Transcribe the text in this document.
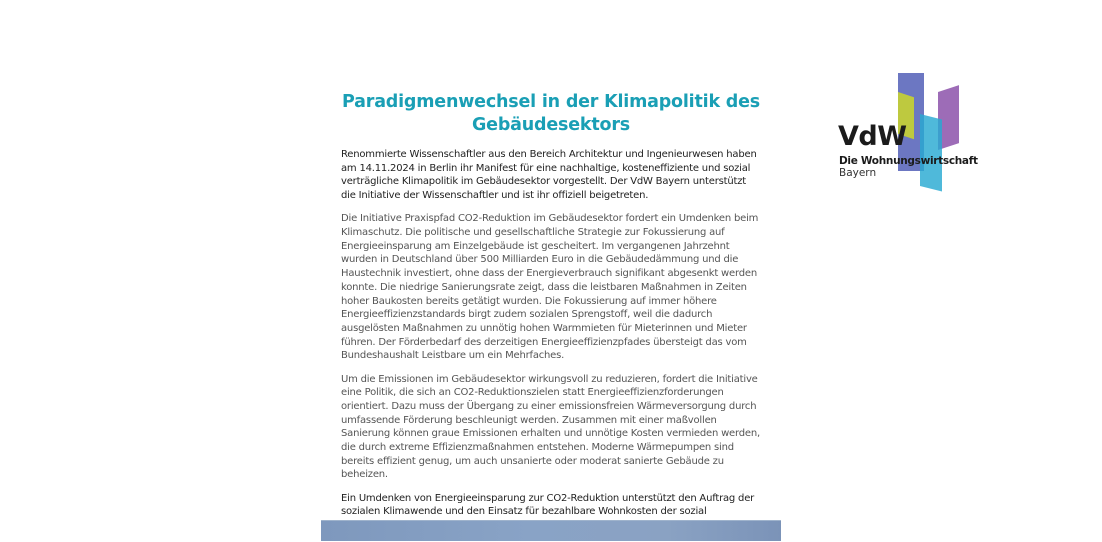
Paradigmenwechsel in der Klimapolitik des Gebäudesektors

Renommierte Wissenschaftler aus den Bereich Architektur und Ingenieurwesen haben am 14.11.2024 in Berlin ihr Manifest für eine nachhaltige, kosteneffiziente und sozial verträgliche Klimapolitik im Gebäudesektor vorgestellt. Der VdW Bayern unterstützt die Initiative der Wissenschaftler und ist ihr offiziell beigetreten.

Die Initiative Praxispfad CO2-Reduktion im Gebäudesektor fordert ein Umdenken beim Klimaschutz. Die politische und gesellschaftliche Strategie zur Fokussierung auf Energieeinsparung am Einzelgebäude ist gescheitert. Im vergangenen Jahrzehnt wurden in Deutschland über 500 Milliarden Euro in die Gebäudedämmung und die Haustechnik investiert, ohne dass der Energieverbrauch signifikant abgesenkt werden konnte. Die niedrige Sanierungsrate zeigt, dass die leistbaren Maßnahmen in Zeiten hoher Baukosten bereits getätigt wurden. Die Fokussierung auf immer höhere Energieeffizienzstandards birgt zudem sozialen Sprengstoff, weil die dadurch ausgelösten Maßnahmen zu unnötig hohen Warmmieten für Mieterinnen und Mieter führen. Der Förderbedarf des derzeitigen Energieeffizienzpfades übersteigt das vom Bundeshaushalt Leistbare um ein Mehrfaches.

Um die Emissionen im Gebäudesektor wirkungsvoll zu reduzieren, fordert die Initiative eine Politik, die sich an CO2-Reduktionszielen statt Energieeffizienzforderungen orientiert. Dazu muss der Übergang zu einer emissionsfreien Wärmeversorgung durch umfassende Förderung beschleunigt werden. Zusammen mit einer maßvollen Sanierung können graue Emissionen erhalten und unnötige Kosten vermieden werden, die durch extreme Effizienzmaßnahmen entstehen. Moderne Wärmepumpen sind bereits effizient genug, um auch unsanierte oder moderat sanierte Gebäude zu beheizen.

Ein Umdenken von Energieeinsparung zur CO2-Reduktion unterstützt den Auftrag der sozialen Klimawende und den Einsatz für bezahlbare Wohnkosten der sozial

VdW
Die Wohnungswirtschaft
Bayern
